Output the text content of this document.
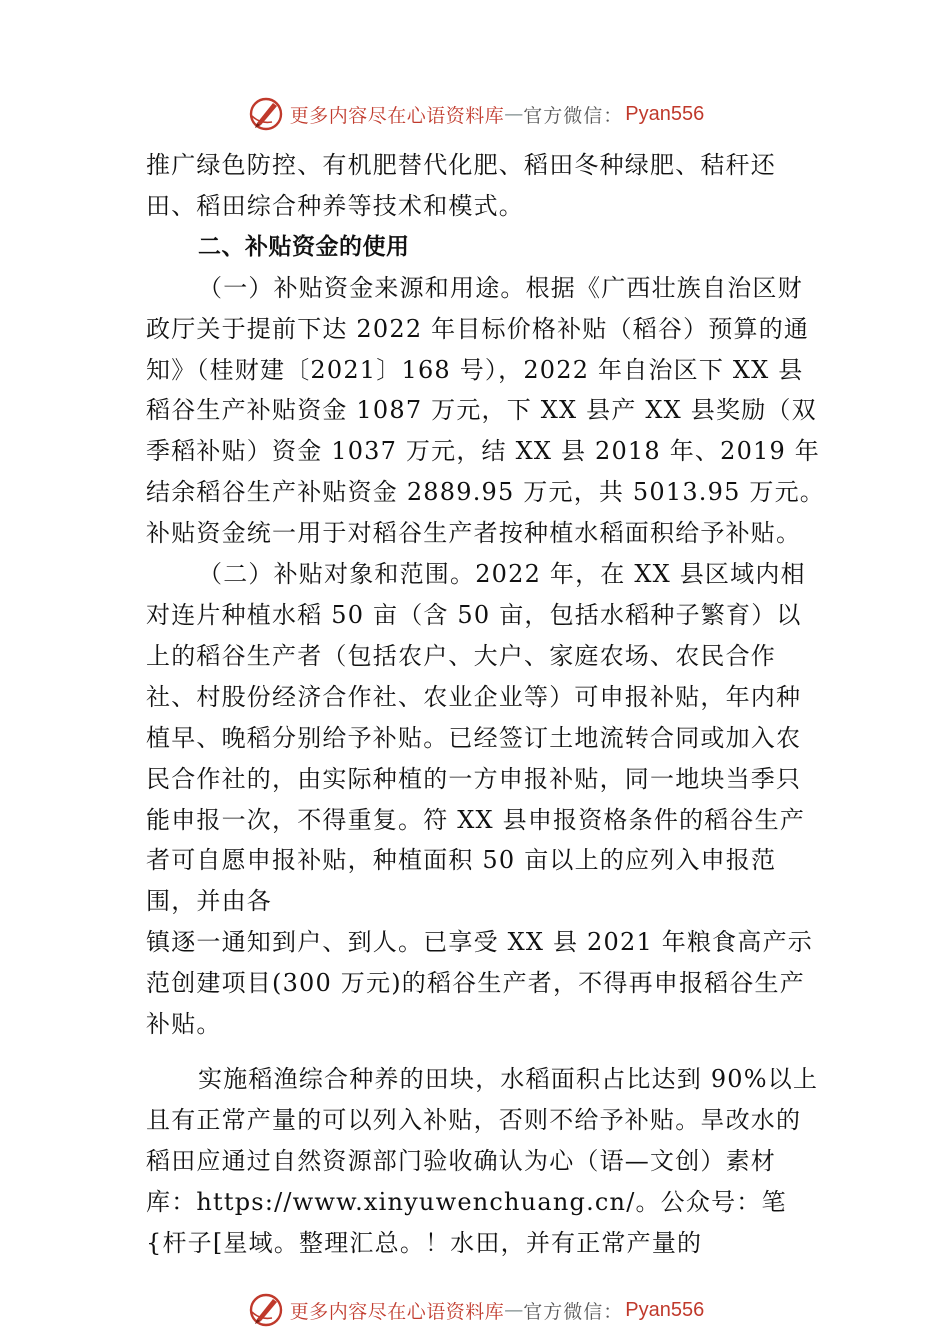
更多内容尽在心语资料库 — 官方微信： Pyan556

推广绿色防控、有机肥替代化肥、稻田冬种绿肥、秸秆还田、稻田综合种养等技术和模式。

二、补贴资金的使用

（一）补贴资金来源和用途。根据《广西壮族自治区财政厅关于提前下达 2022 年目标价格补贴（稻谷）预算的通知》（桂财建〔2021〕168 号），2022 年自治区下 XX 县稻谷生产补贴资金 1087 万元，下 XX 县产 XX 县奖励（双季稻补贴）资金 1037 万元，结 XX 县 2018 年、2019 年结余稻谷生产补贴资金 2889.95 万元，共 5013.95 万元。补贴资金统一用于对稻谷生产者按种植水稻面积给予补贴。

（二）补贴对象和范围。2022 年，在 XX 县区域内相对连片种植水稻 50 亩（含 50 亩，包括水稻种子繁育）以上的稻谷生产者（包括农户、大户、家庭农场、农民合作社、村股份经济合作社、农业企业等）可申报补贴，年内种植早、晚稻分别给予补贴。已经签订土地流转合同或加入农民合作社的，由实际种植的一方申报补贴，同一地块当季只能申报一次，不得重复。符 XX 县申报资格条件的稻谷生产者可自愿申报补贴，种植面积 50 亩以上的应列入申报范围，并由各

镇逐一通知到户、到人。已享受 XX 县 2021 年粮食高产示范创建项目(300 万元)的稻谷生产者，不得再申报稻谷生产补贴。

实施稻渔综合种养的田块，水稻面积占比达到 90%以上且有正常产量的可以列入补贴，否则不给予补贴。旱改水的稻田应通过自然资源部门验收确认为心（语—文创）素材库：https://www.xinyuwenchuang.cn/。公众号：笔{杆子[星域。整理汇总。！水田，并有正常产量的

更多内容尽在心语资料库 — 官方微信： Pyan556
